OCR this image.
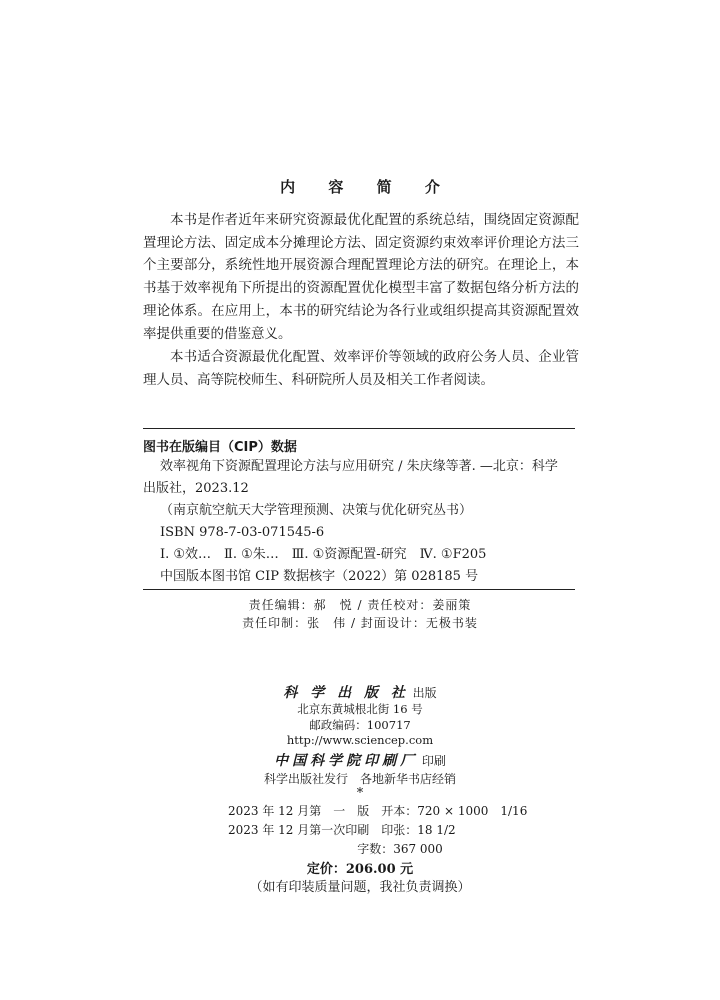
内 容 简 介

本书是作者近年来研究资源最优化配置的系统总结，围绕固定资源配置理论方法、固定成本分摊理论方法、固定资源约束效率评价理论方法三个主要部分，系统性地开展资源合理配置理论方法的研究。在理论上，本书基于效率视角下所提出的资源配置优化模型丰富了数据包络分析方法的理论体系。在应用上，本书的研究结论为各行业或组织提高其资源配置效率提供重要的借鉴意义。

本书适合资源最优化配置、效率评价等领域的政府公务人员、企业管理人员、高等院校师生、科研院所人员及相关工作者阅读。

图书在版编目（CIP）数据
效率视角下资源配置理论方法与应用研究 / 朱庆缘等著. —北京：科学
出版社，2023.12
（南京航空航天大学管理预测、决策与优化研究丛书）
ISBN 978-7-03-071545-6
Ⅰ. ①效…　Ⅱ. ①朱…　Ⅲ. ①资源配置-研究　Ⅳ. ①F205
中国版本图书馆 CIP 数据核字（2022）第 028185 号
责任编辑：郝　悦 / 责任校对：姜丽策
责任印制：张　伟 / 封面设计：无极书装
科 学 出 版 社 出版
北京东黄城根北街 16 号
邮政编码：100717
http://www.sciencep.com
中国科学院印刷厂 印刷
科学出版社发行　各地新华书店经销
*
2023 年 12 月第　一　版　开本：720 × 1000　1/16
2023 年 12 月第一次印刷　印张：18 1/2
字数：367 000
定价：206.00 元
（如有印装质量问题，我社负责调换）
